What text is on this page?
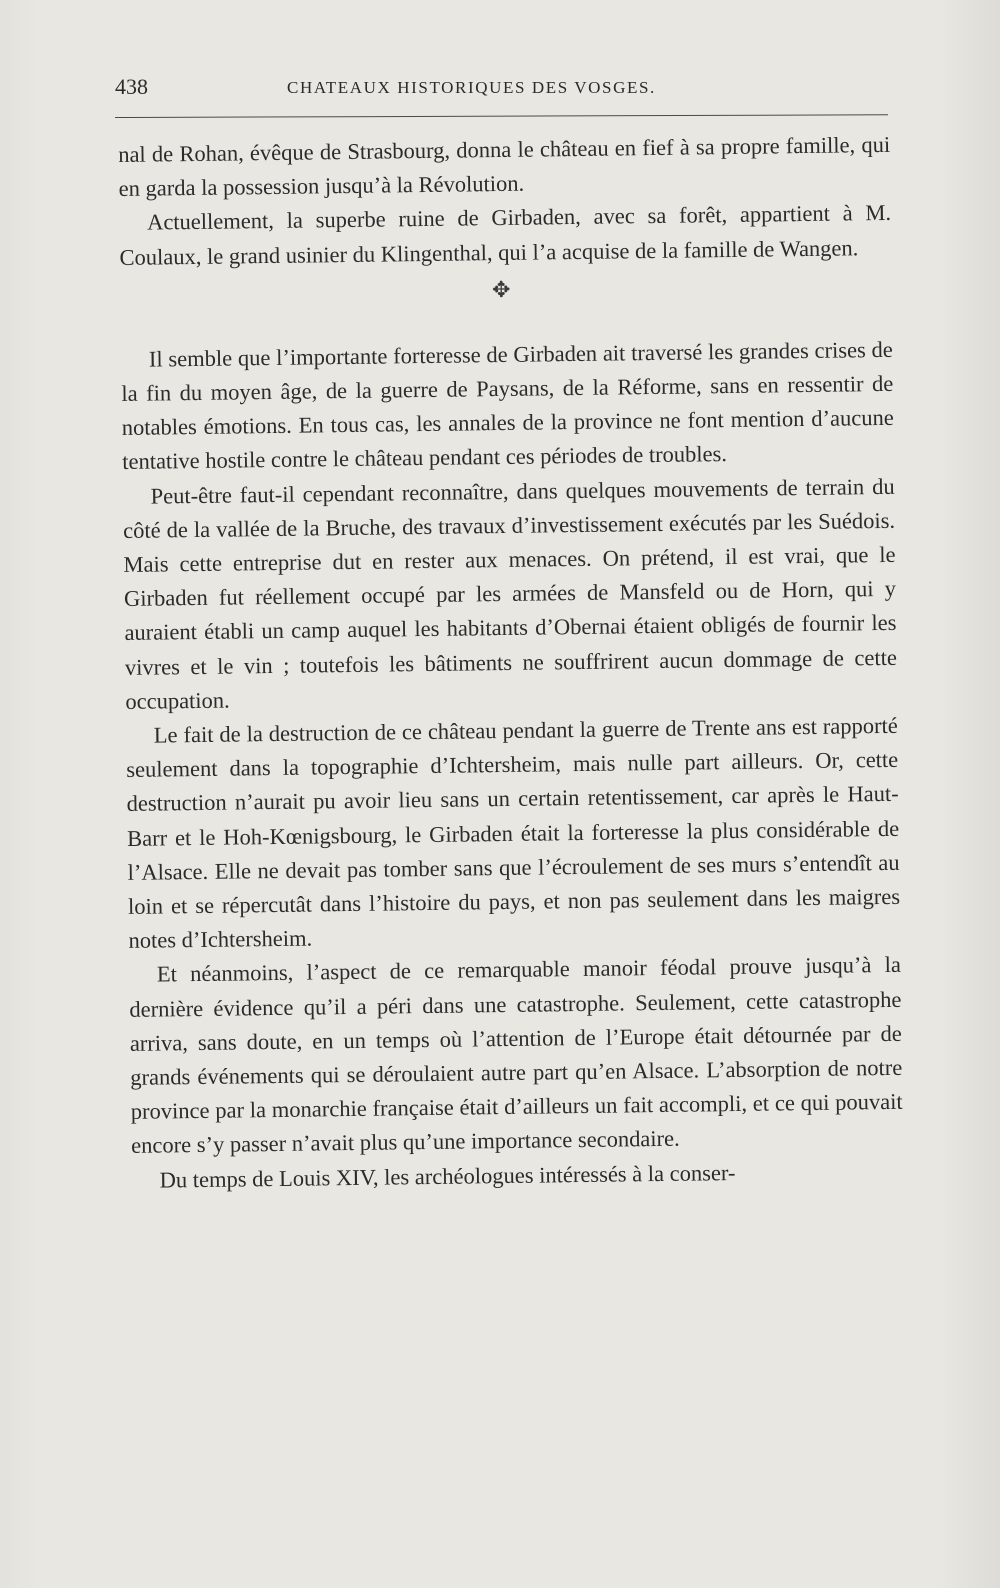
438	CHATEAUX HISTORIQUES DES VOSGES.

nal de Rohan, évêque de Strasbourg, donna le château en fief à sa propre famille, qui en garda la possession jusqu’à la Révolution.

Actuellement, la superbe ruine de Girbaden, avec sa forêt, appartient à M. Coulaux, le grand usinier du Klingenthal, qui l’a acquise de la famille de Wangen.

✥

Il semble que l’importante forteresse de Girbaden ait traversé les grandes crises de la fin du moyen âge, de la guerre de Paysans, de la Réforme, sans en ressentir de notables émotions. En tous cas, les annales de la province ne font mention d’aucune tentative hostile contre le château pendant ces périodes de troubles.

Peut-être faut-il cependant reconnaître, dans quelques mouvements de terrain du côté de la vallée de la Bruche, des travaux d’investissement exécutés par les Suédois. Mais cette entreprise dut en rester aux menaces. On prétend, il est vrai, que le Girbaden fut réellement occupé par les armées de Mansfeld ou de Horn, qui y auraient établi un camp auquel les habitants d’Obernai étaient obligés de fournir les vivres et le vin ; toutefois les bâtiments ne souffrirent aucun dommage de cette occupation.

Le fait de la destruction de ce château pendant la guerre de Trente ans est rapporté seulement dans la topographie d’Ichtersheim, mais nulle part ailleurs. Or, cette destruction n’aurait pu avoir lieu sans un certain retentissement, car après le Haut-Barr et le Hoh-Kœnigsbourg, le Girbaden était la forteresse la plus considérable de l’Alsace. Elle ne devait pas tomber sans que l’écroulement de ses murs s’entendît au loin et se répercutât dans l’histoire du pays, et non pas seulement dans les maigres notes d’Ichtersheim.

Et néanmoins, l’aspect de ce remarquable manoir féodal prouve jusqu’à la dernière évidence qu’il a péri dans une catastrophe. Seulement, cette catastrophe arriva, sans doute, en un temps où l’attention de l’Europe était détournée par de grands événements qui se déroulaient autre part qu’en Alsace. L’absorption de notre province par la monarchie française était d’ailleurs un fait accompli, et ce qui pouvait encore s’y passer n’avait plus qu’une importance secondaire.

Du temps de Louis XIV, les archéologues intéressés à la conser-
